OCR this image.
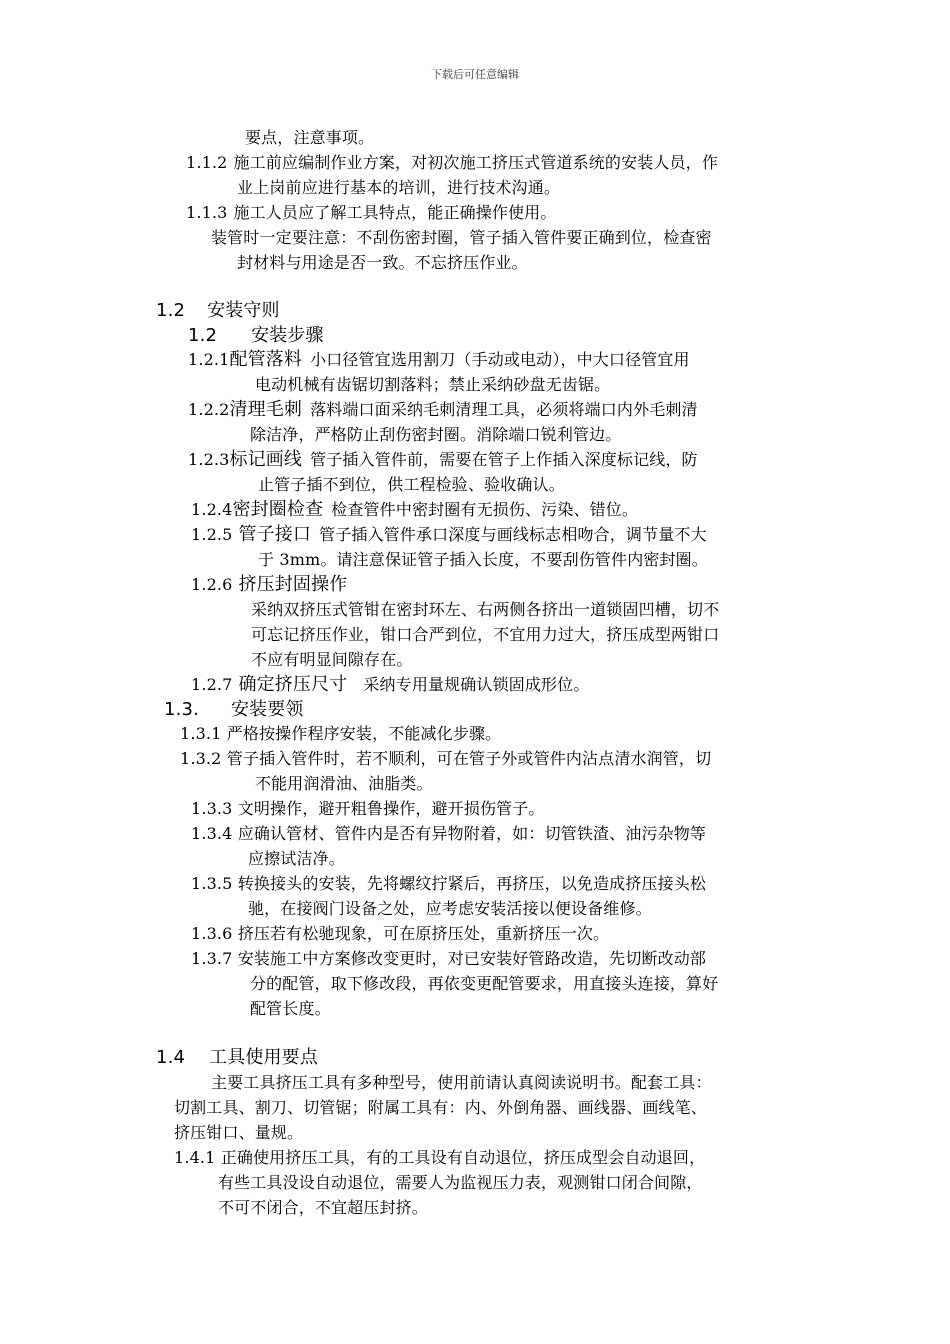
下载后可任意编辑
要点，注意事项。
1.1.2 施工前应编制作业方案，对初次施工挤压式管道系统的安装人员，作
业上岗前应进行基本的培训，进行技术沟通。
1.1.3 施工人员应了解工具特点，能正确操作使用。
装管时一定要注意：不刮伤密封圈，管子插入管件要正确到位，检查密
封材料与用途是否一致。不忘挤压作业。
1.2 安装守则
1.2 安装步骤
1.2.1配管落料 小口径管宜选用割刀（手动或电动），中大口径管宜用
电动机械有齿锯切割落料；禁止采纳砂盘无齿锯。
1.2.2清理毛刺 落料端口面采纳毛刺清理工具，必须将端口内外毛刺清
除洁净，严格防止刮伤密封圈。消除端口锐利管边。
1.2.3标记画线 管子插入管件前，需要在管子上作插入深度标记线，防
止管子插不到位，供工程检验、验收确认。
1.2.4密封圈检查 检查管件中密封圈有无损伤、污染、错位。
1.2.5 管子接口 管子插入管件承口深度与画线标志相吻合，调节量不大
于 3mm。请注意保证管子插入长度，不要刮伤管件内密封圈。
1.2.6 挤压封固操作
采纳双挤压式管钳在密封环左、右两侧各挤出一道锁固凹槽，切不
可忘记挤压作业，钳口合严到位，不宜用力过大，挤压成型两钳口
不应有明显间隙存在。
1.2.7 确定挤压尺寸 采纳专用量规确认锁固成形位。
1.3. 安装要领
1.3.1 严格按操作程序安装，不能减化步骤。
1.3.2 管子插入管件时，若不顺利，可在管子外或管件内沾点清水润管，切
不能用润滑油、油脂类。
1.3.3 文明操作，避开粗鲁操作，避开损伤管子。
1.3.4 应确认管材、管件内是否有异物附着，如：切管铁渣、油污杂物等
应擦试洁净。
1.3.5 转换接头的安装，先将螺纹拧紧后，再挤压，以免造成挤压接头松
驰，在接阀门设备之处，应考虑安装活接以便设备维修。
1.3.6 挤压若有松驰现象，可在原挤压处，重新挤压一次。
1.3.7 安装施工中方案修改变更时，对已安装好管路改造，先切断改动部
分的配管，取下修改段，再依变更配管要求，用直接头连接，算好
配管长度。
1.4 工具使用要点
主要工具挤压工具有多种型号，使用前请认真阅读说明书。配套工具：
切割工具、割刀、切管锯；附属工具有：内、外倒角器、画线器、画线笔、
挤压钳口、量规。
1.4.1 正确使用挤压工具，有的工具设有自动退位，挤压成型会自动退回，
有些工具没设自动退位，需要人为监视压力表，观测钳口闭合间隙，
不可不闭合，不宜超压封挤。
